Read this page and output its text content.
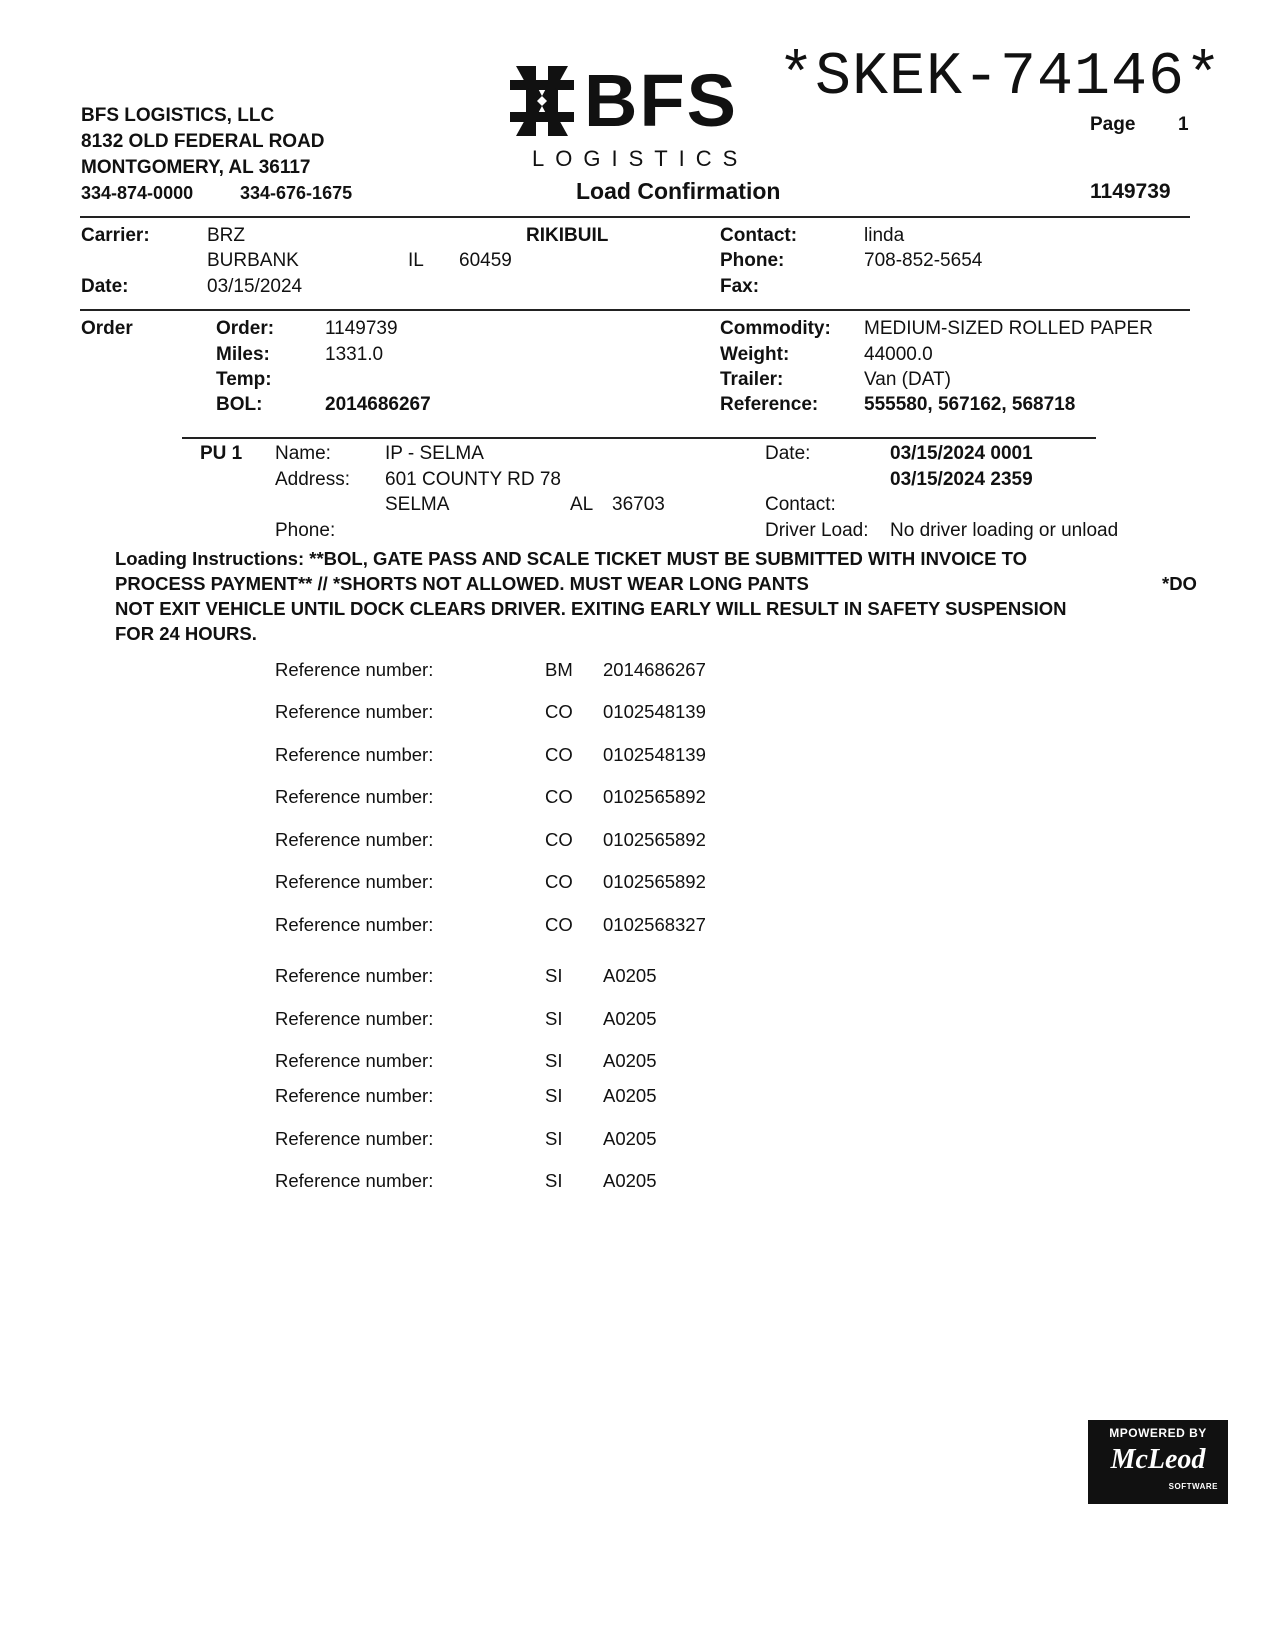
BFS LOGISTICS, LLC
8132 OLD FEDERAL ROAD
MONTGOMERY, AL 36117
334-874-0000	334-676-1675
BFS
LOGISTICS
*SKEK-74146*
Page 1
Load Confirmation	1149739
Carrier:	BRZ	RIKIBUIL
BURBANK	IL 60459
Date:	03/15/2024
Contact:	linda
Phone:	708-852-5654
Fax:
Order	Order:	1149739
Miles:	1331.0
Temp:
BOL:	2014686267
Commodity: MEDIUM-SIZED ROLLED PAPER
Weight:	44000.0
Trailer:	Van (DAT)
Reference: 555580, 567162, 568718
PU 1 Name:	IP - SELMA
Address: 601 COUNTY RD 78
SELMA	AL 36703
Phone:
Date:	03/15/2024 0001
03/15/2024 2359
Contact:
Driver Load: No driver loading or unload
Loading Instructions: **BOL, GATE PASS AND SCALE TICKET MUST BE SUBMITTED WITH INVOICE TO
PROCESS PAYMENT** // *SHORTS NOT ALLOWED. MUST WEAR LONG PANTS	*DO
NOT EXIT VEHICLE UNTIL DOCK CLEARS DRIVER. EXITING EARLY WILL RESULT IN SAFETY SUSPENSION
FOR 24 HOURS.
Reference number:	BM 2014686267
Reference number:	CO 0102548139
Reference number:	CO 0102548139
Reference number:	CO 0102565892
Reference number:	CO 0102565892
Reference number:	CO 0102565892
Reference number:	CO 0102568327
Reference number:	SI A0205
Reference number:	SI A0205
Reference number:	SI A0205
Reference number:	SI A0205
Reference number:	SI A0205
Reference number:	SI A0205
MPOWERED BY
McLeod
SOFTWARE
